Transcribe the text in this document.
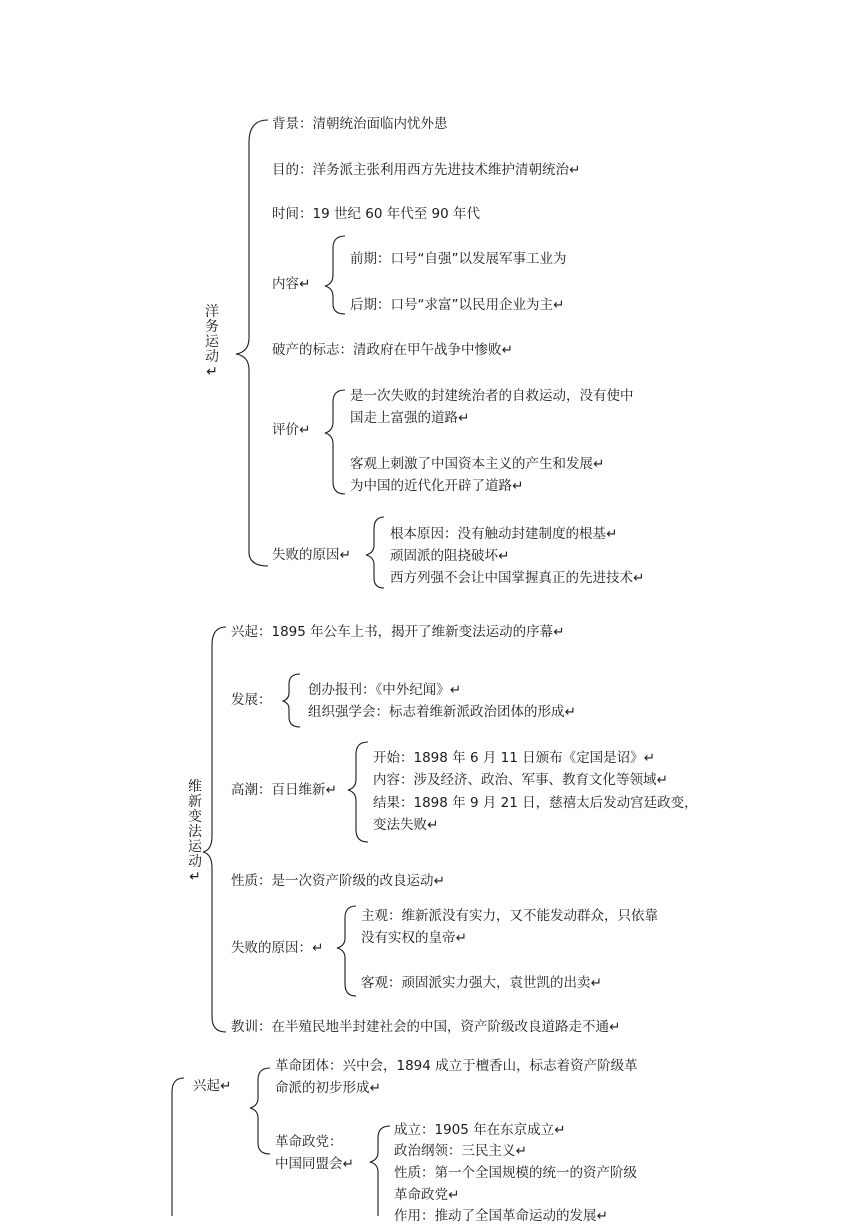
洋务运动↵
背景：清朝统治面临内忧外患
目的：洋务派主张利用西方先进技术维护清朝统治↵
时间：19 世纪 60 年代至 90 年代
内容↵
前期：口号“自强”以发展军事工业为
后期：口号“求富”以民用企业为主↵
破产的标志：清政府在甲午战争中惨败↵
评价↵
是一次失败的封建统治者的自救运动，没有使中
国走上富强的道路↵
客观上刺激了中国资本主义的产生和发展↵
为中国的近代化开辟了道路↵
失败的原因↵
根本原因：没有触动封建制度的根基↵
顽固派的阻挠破坏↵
西方列强不会让中国掌握真正的先进技术↵
维新变法运动↵
兴起：1895 年公车上书，揭开了维新变法运动的序幕↵
发展：
创办报刊：《中外纪闻》↵
组织强学会：标志着维新派政治团体的形成↵
高潮：百日维新↵
开始：1898 年 6 月 11 日颁布《定国是诏》↵
内容：涉及经济、政治、军事、教育文化等领域↵
结果：1898 年 9 月 21 日，慈禧太后发动宫廷政变，
变法失败↵
性质：是一次资产阶级的改良运动↵
失败的原因：↵
主观：维新派没有实力，又不能发动群众，只依靠
没有实权的皇帝↵
客观：顽固派实力强大，袁世凯的出卖↵
教训：在半殖民地半封建社会的中国，资产阶级改良道路走不通↵
兴起↵
革命团体：兴中会，1894 成立于檀香山，标志着资产阶级革
命派的初步形成↵
革命政党：
中国同盟会↵
成立：1905 年在东京成立↵
政治纲领：三民主义↵
性质：第一个全国规模的统一的资产阶级
革命政党↵
作用：推动了全国革命运动的发展↵
